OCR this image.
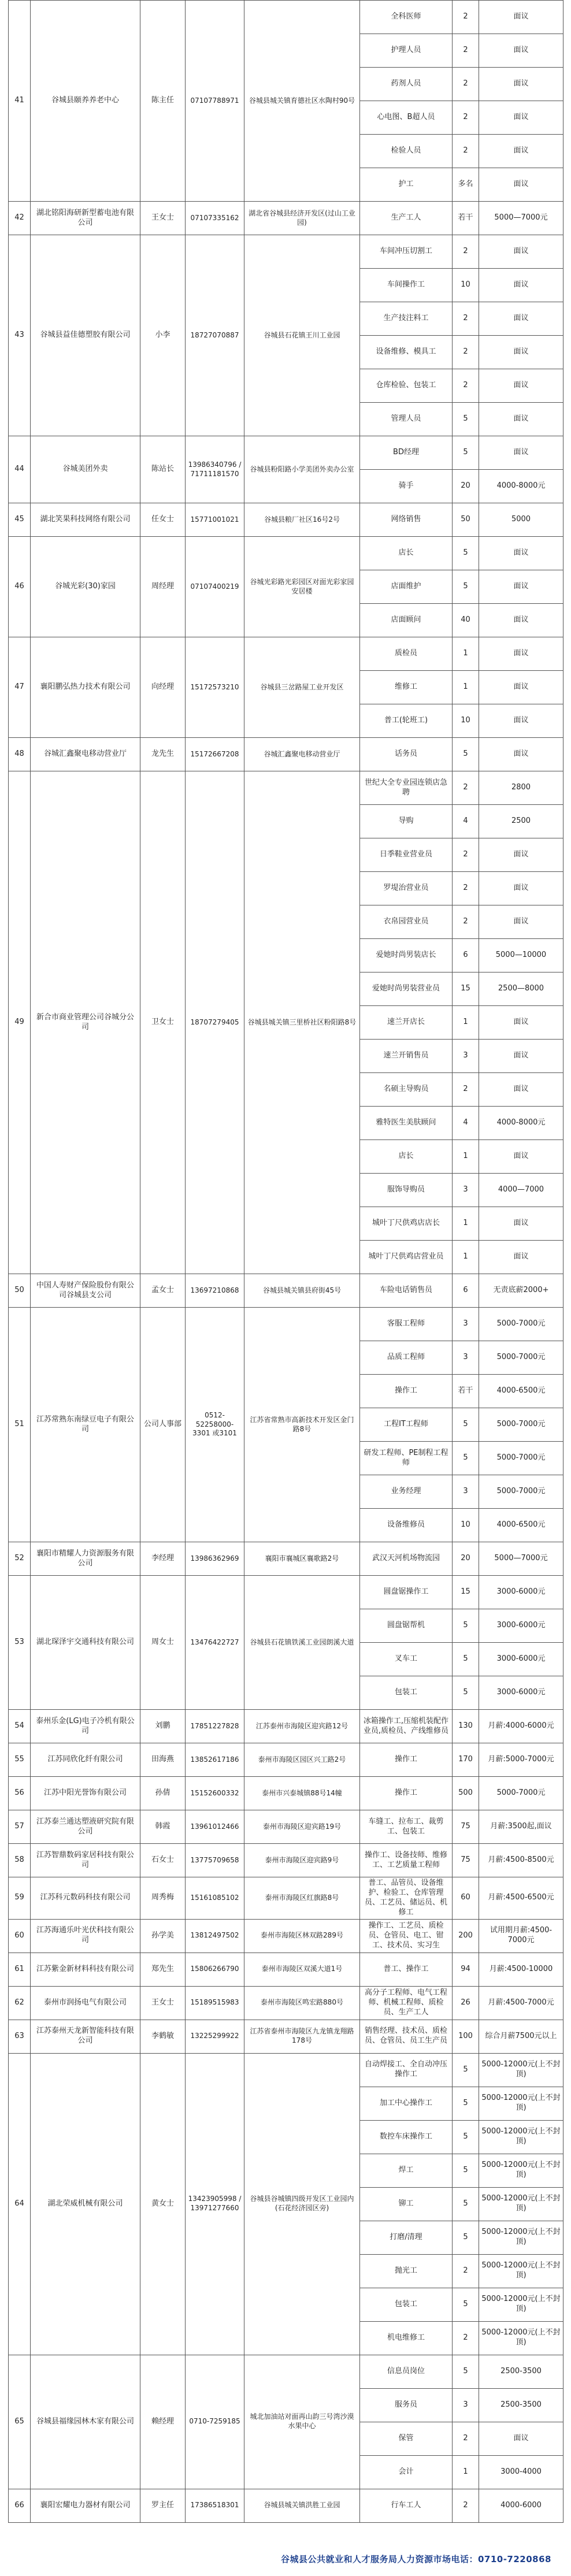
41	谷城县颐养养老中心	陈主任	07107788971	谷城县城关镇育德社区水陶村90号	全科医师	2	面议
					护理人员	2	面议
					药剂人员	2	面议
					心电图、B超人员	2	面议
					检验人员	2	面议
					护工	多名	面议
42	湖北铭阳海研新型蓄电池有限公司	王女士	07107335162	湖北省谷城县经济开发区(过山工业园)	生产工人	若干	5000—7000元
43	谷城县益佳德塑胶有限公司	小李	18727070887	谷城县石花镇王川工业园	车间冲压切割工	2	面议
					车间操作工	10	面议
					生产技注料工	2	面议
					设备维修、模具工	2	面议
					仓库检验、包装工	2	面议
					管理人员	5	面议
44	谷城美团外卖	陈站长	13986340796 / 71711181570	谷城县粉阳路小学美团外卖办公室	BD经理	5	面议
					骑手	20	4000-8000元
45	湖北笑果科技网络有限公司	任女士	15771001021	谷城县粮厂社区16号2号	网络销售	50	5000
46	谷城光彩(30)家园	周经理	07107400219	谷城光彩路光彩园区对面光彩家园安居楼	店长	5	面议
					店面维护	5	面议
					店面顾问	40	面议
47	襄阳鹏弘热力技术有限公司	向经理	15172573210	谷城县三岔路屋工业开发区	质检员	1	面议
					维修工	1	面议
					普工(轮班工)	10	面议
48	谷城汇鑫聚电移动营业厅	龙先生	15172667208	谷城汇鑫聚电移动营业厅	话务员	5	面议
49	新合市商业管理公司谷城分公司	卫女士	18707279405	谷城县城关镇三里桥社区粉阳路8号	世纪大全专业园连锁店急聘	2	2800
					导购	4	2500
					日季鞋业营业员	2	面议
					罗堤治营业员	2	面议
					衣帛园营业员	2	面议
					爱她时尚男装店长	6	5000—10000
					爱她时尚男装营业员	15	2500—8000
					速兰开店长	1	面议
					速兰开销售员	3	面议
					名硕主导购员	2	面议
					雅特医生美肤顾问	4	4000-8000元
					店长	1	面议
					服饰导购员	3	4000—7000
					城叶丁尺供鸡店店长	1	面议
					城叶丁尺供鸡店营业员	1	面议
50	中国人寿财产保险股份有限公司谷城县支公司	孟女士	13697210868	谷城县城关镇县府街45号	车险电话销售员	6	无责底薪2000+
51	江苏常熟东南绿豆电子有限公司	公司人事部	0512-52258000-3301 或3101	江苏省常熟市高新技术开发区金门路8号	客服工程师	3	5000-7000元
					品质工程师	3	5000-7000元
					操作工	若干	4000-6500元
					工程IT工程师	5	5000-7000元
					研发工程师、PE制程工程师	5	5000-7000元
					业务经理	3	5000-7000元
					设备维修员	10	4000-6500元
52	襄阳市精耀人力资源服务有限公司	李经理	13986362969	襄阳市襄城区襄歌路2号	武汉天河机场物流园	20	5000—7000元
53	湖北琛泽宇交通科技有限公司	周女士	13476422727	谷城县石花镇铁溪工业园朗溪大道	圆盘锯操作工	15	3000-6000元
					圆盘锯帮机	5	3000-6000元
					叉车工	5	3000-6000元
					包装工	5	3000-6000元
54	泰州乐金(LG)电子冷机有限公司	刘鹏	17851227828	江苏泰州市海陵区迎宾路12号	冰箱操作工,压缩机装配作业员,质检员、产线维修员	130	月薪:4000-6000元
55	江苏同欣化纤有限公司	田海燕	13852617186	泰州市海陵区园区兴工路2号	操作工	170	月薪:5000-7000元
56	江苏中阳光誉饰有限公司	孙倩	15152600332	泰州市兴泰城镇88号14幢	操作工	500	5000-7000元
57	江苏泰兰通达塑液研究院有限公司	韩霞	13961012466	泰州市海陵区迎宾路19号	车缝工、拉布工、裁剪工、包装工	75	月薪:3500起,面议
58	江苏智鼎数码家居科技有限公司	石女士	13775709658	泰州市海陵区迎宾路9号	操作工、设备技师、维修工、工艺质量工程师	75	月薪:4500-8500元
59	江苏科元数码科技有限公司	周秀梅	15161085102	泰州市海陵区红旗路8号	普工、品管员、设备维护、检验工、仓库管理员、工艺员、储运员、机修工	60	月薪:4500-6500元
60	江苏海通乐叶光伏科技有限公司	孙学美	13812497502	泰州市海陵区林双路289号	操作工、工艺员、质检员、仓管员、电工、钳工、技术员、实习生	200	试用期月薪:4500-7000元
61	江苏紫金新材料科技有限公司	郑先生	15806266790	泰州市海陵区双溪大道1号	普工、操作工	94	月薪:4500-10000
62	泰州市润扬电气有限公司	王女士	15189515983	泰州市海陵区鸣宏路880号	高分子工程师、电气工程师、机械工程师、质检员、生产工人	26	月薪:4500-7000元
63	江苏泰州天龙新智能科技有限公司	李鹤敏	13225299922	江苏省泰州市海陵区九龙镇龙翔路178号	销售经理、技术员、质检员、仓管员、员工生产员	100	综合月薪7500元以上
64	湖北荣威机械有限公司	黄女士	13423905998 / 13971277660	谷城县谷城镇四级开发区工业园内(石花经济园区旁)	自动焊接工、全自动冲压操作工	5	5000-12000元(上不封顶)
					加工中心操作工	5	5000-12000元(上不封顶)
					数控车床操作工	5	5000-12000元(上不封顶)
					焊工	5	5000-12000元(上不封顶)
					铆工	5	5000-12000元(上不封顶)
					打磨/清理	5	5000-12000元(上不封顶)
					抛光工	2	5000-12000元(上不封顶)
					包装工	5	5000-12000元(上不封顶)
					机电维修工	2	5000-12000元(上不封顶)
65	谷城县福缘园林木家有限公司	赖经理	0710-7259185	城北加油站对面再山韵三号湾沙漠水果中心	信息员岗位	5	2500-3500
					服务员	3	2500-3500
					保管	2	面议
					会计	1	3000-4000
66	襄阳宏耀电力器材有限公司	罗主任	17386518301	谷城县城关镇洪胜工业园	行车工人	2	4000-6000
谷城县公共就业和人才服务局人力资源市场电话：0710-7220868
